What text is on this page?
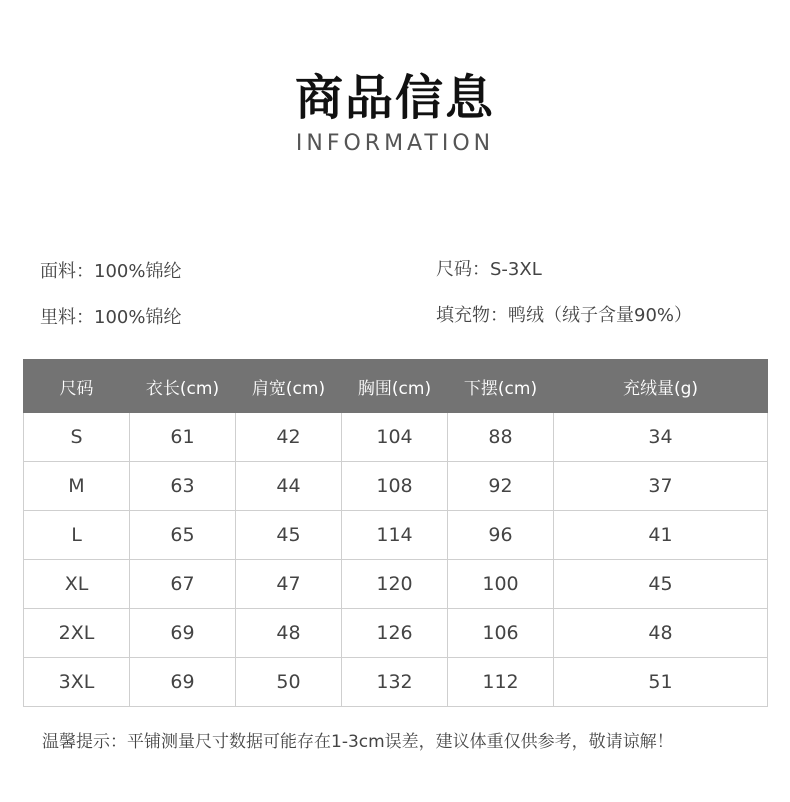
商品信息
INFORMATION
面料：100%锦纶	尺码：S-3XL
里料：100%锦纶	填充物：鸭绒（绒子含量90%）
尺码	衣长(cm)	肩宽(cm)	胸围(cm)	下摆(cm)	充绒量(g)
S	61	42	104	88	34
M	63	44	108	92	37
L	65	45	114	96	41
XL	67	47	120	100	45
2XL	69	48	126	106	48
3XL	69	50	132	112	51
温馨提示：平铺测量尺寸数据可能存在1-3cm误差，建议体重仅供参考，敬请谅解！
